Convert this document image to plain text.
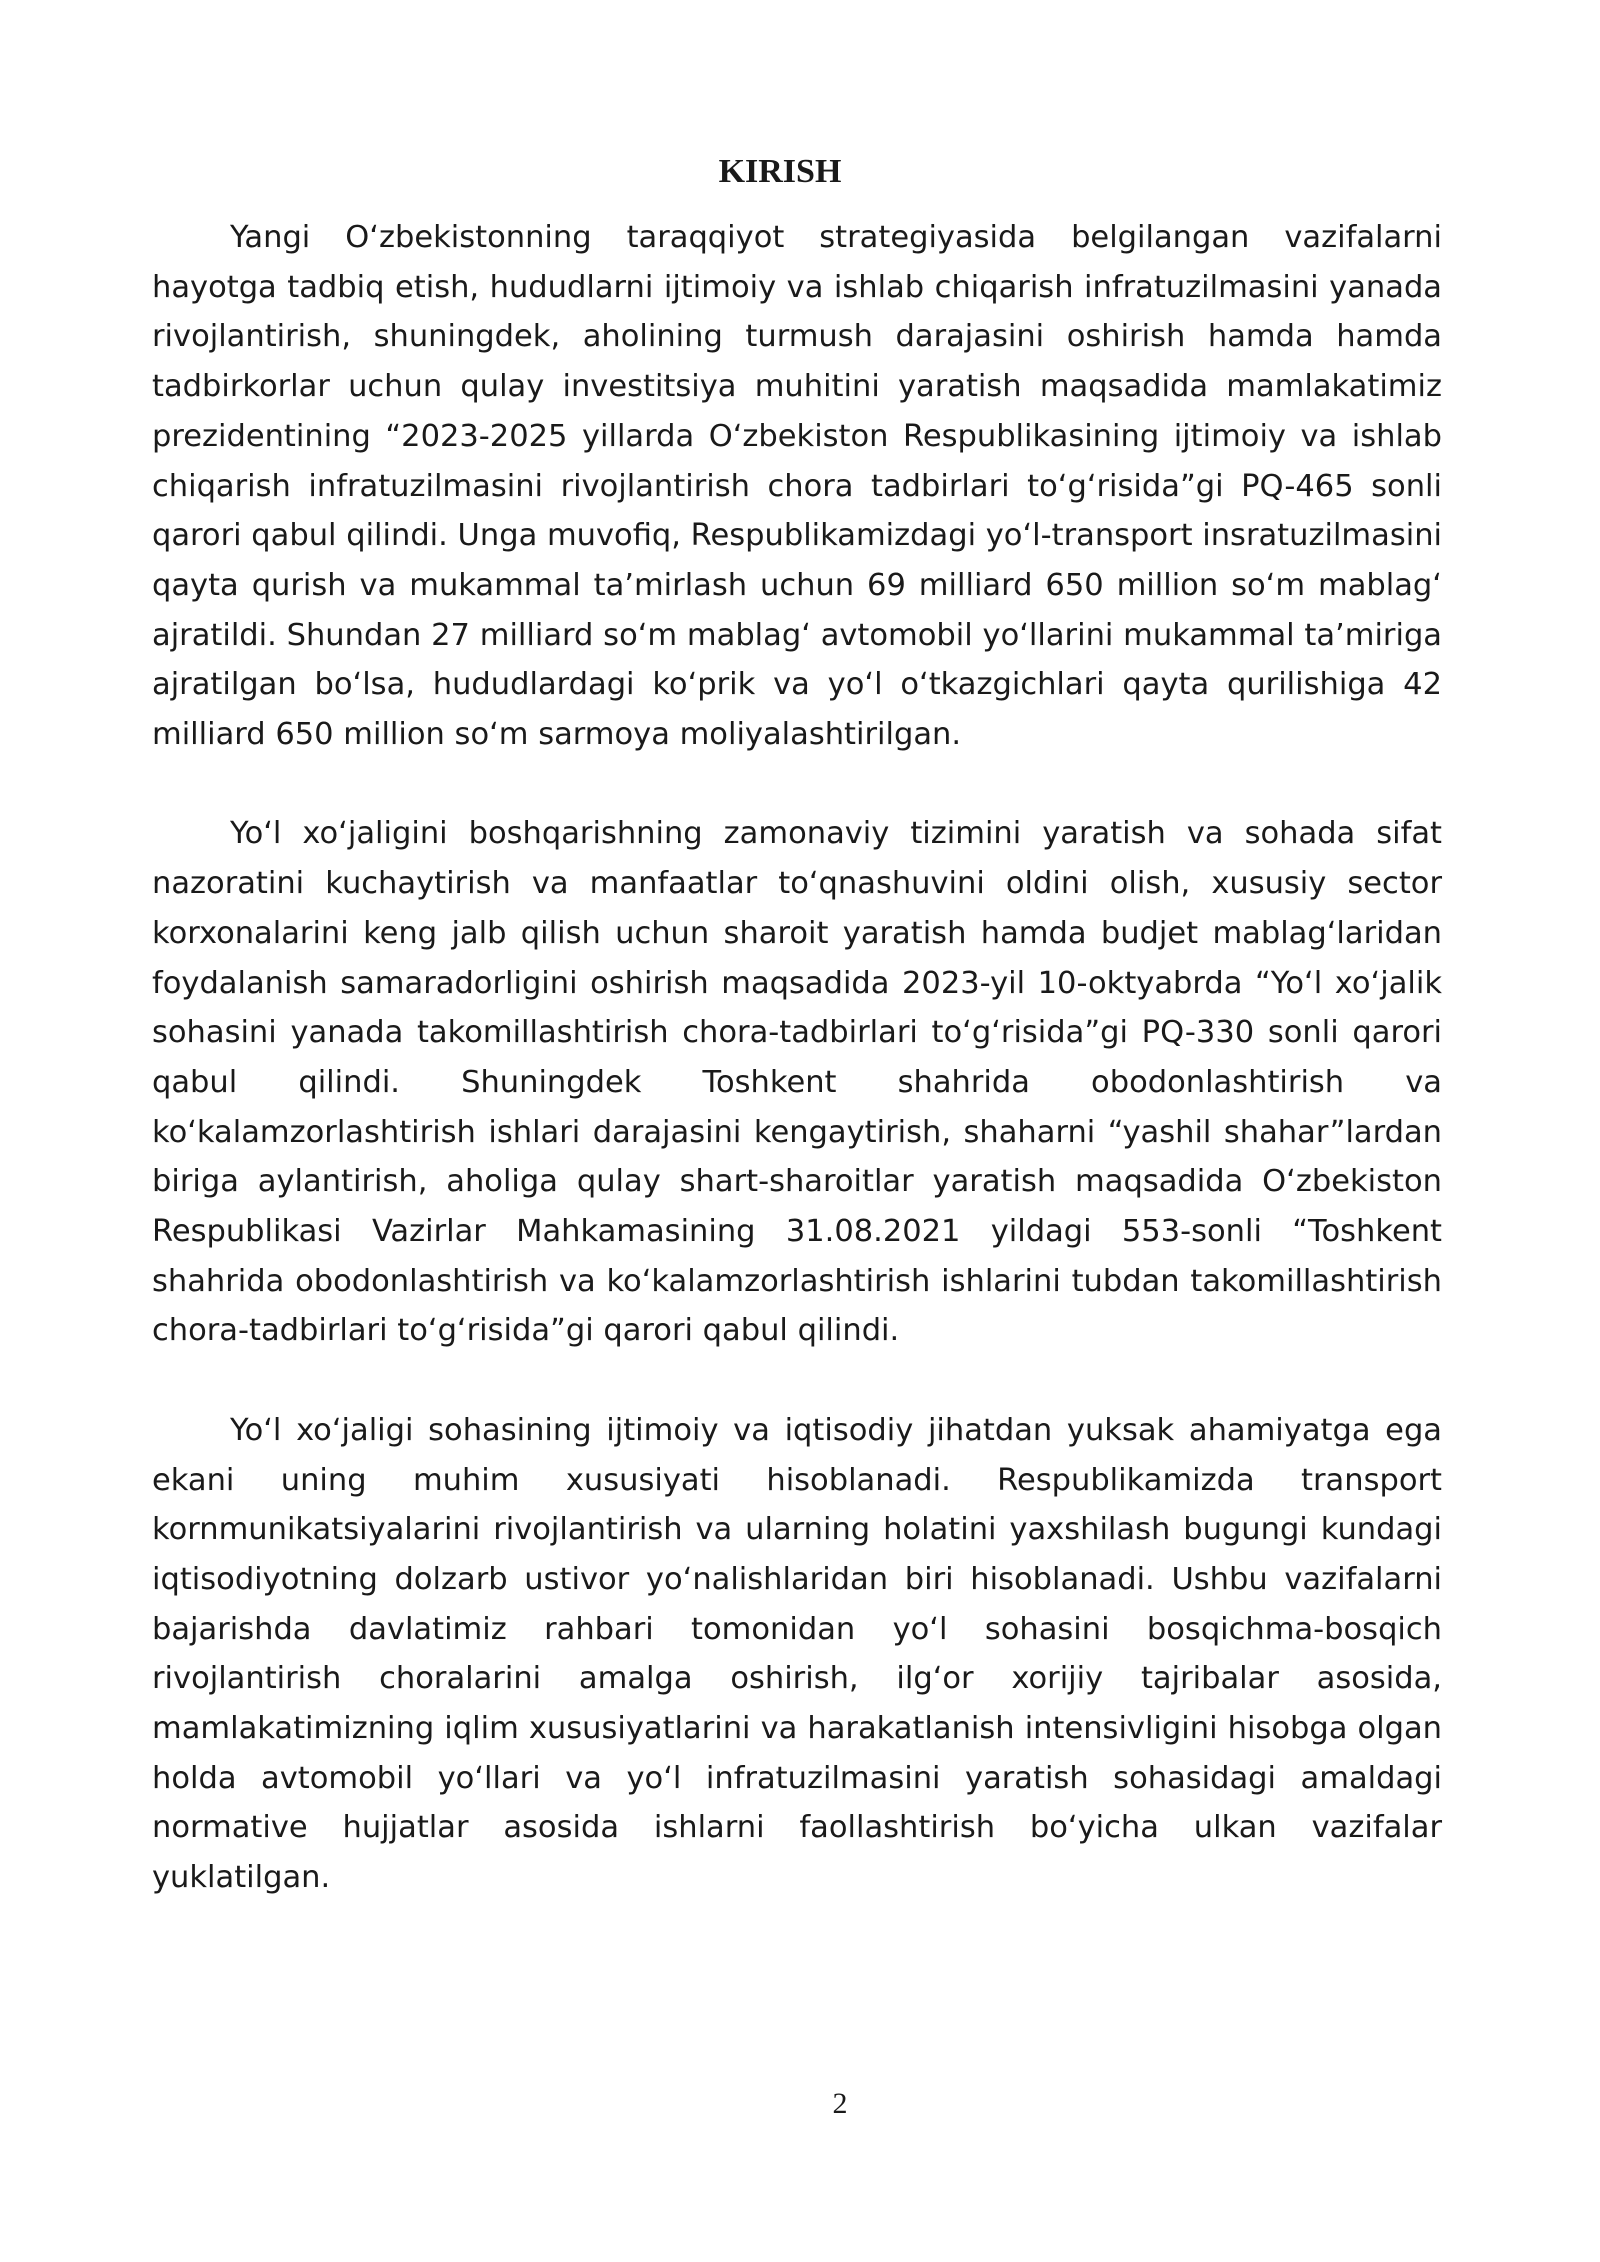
KIRISH

Yangi O‘zbekistonning taraqqiyot strategiyasida belgilangan vazifalarni hayotga tadbiq etish, hududlarni ijtimoiy va ishlab chiqarish infratuzilmasini yanada rivojlantirish, shuningdek, aholining turmush darajasini oshirish hamda hamda tadbirkorlar uchun qulay investitsiya muhitini yaratish maqsadida mamlakatimiz prezidentining “2023-2025 yillarda O‘zbekiston Respublikasining ijtimoiy va ishlab chiqarish infratuzilmasini rivojlantirish chora tadbirlari to‘g‘risida”gi PQ-465 sonli qarori qabul qilindi. Unga muvofiq, Respublikamizdagi yo‘l-transport insratuzilmasini qayta qurish va mukammal ta’mirlash uchun 69 milliard 650 million so‘m mablag‘ ajratildi. Shundan 27 milliard so‘m mablag‘ avtomobil yo‘llarini mukammal ta’miriga ajratilgan bo‘lsa, hududlardagi ko‘prik va yo‘l o‘tkazgichlari qayta qurilishiga 42 milliard 650 million so‘m sarmoya moliyalashtirilgan.

Yo‘l xo‘jaligini boshqarishning zamonaviy tizimini yaratish va sohada sifat nazoratini kuchaytirish va manfaatlar to‘qnashuvini oldini olish, xususiy sector korxonalarini keng jalb qilish uchun sharoit yaratish hamda budjet mablag‘laridan foydalanish samaradorligini oshirish maqsadida 2023-yil 10-oktyabrda “Yo‘l xo‘jalik sohasini yanada takomillashtirish chora-tadbirlari to‘g‘risida”gi PQ-330 sonli qarori qabul qilindi. Shuningdek Toshkent shahrida obodonlashtirish va ko‘kalamzorlashtirish ishlari darajasini kengaytirish, shaharni “yashil shahar”lardan biriga aylantirish, aholiga qulay shart-sharoitlar yaratish maqsadida O‘zbekiston Respublikasi Vazirlar Mahkamasining 31.08.2021 yildagi 553-sonli “Toshkent shahrida obodonlashtirish va ko‘kalamzorlashtirish ishlarini tubdan takomillashtirish chora-tadbirlari to‘g‘risida”gi qarori qabul qilindi.

Yo‘l xo‘jaligi sohasining ijtimoiy va iqtisodiy jihatdan yuksak ahamiyatga ega ekani uning muhim xususiyati hisoblanadi. Respublikamizda transport kornmunikatsiyalarini rivojlantirish va ularning holatini yaxshilash bugungi kundagi iqtisodiyotning dolzarb ustivor yo‘nalishlaridan biri hisoblanadi. Ushbu vazifalarni bajarishda davlatimiz rahbari tomonidan yo‘l sohasini bosqichma-bosqich rivojlantirish choralarini amalga oshirish, ilg‘or xorijiy tajribalar asosida, mamlakatimizning iqlim xususiyatlarini va harakatlanish intensivligini hisobga olgan holda avtomobil yo‘llari va yo‘l infratuzilmasini yaratish sohasidagi amaldagi normative hujjatlar asosida ishlarni faollashtirish bo‘yicha ulkan vazifalar yuklatilgan.

2
